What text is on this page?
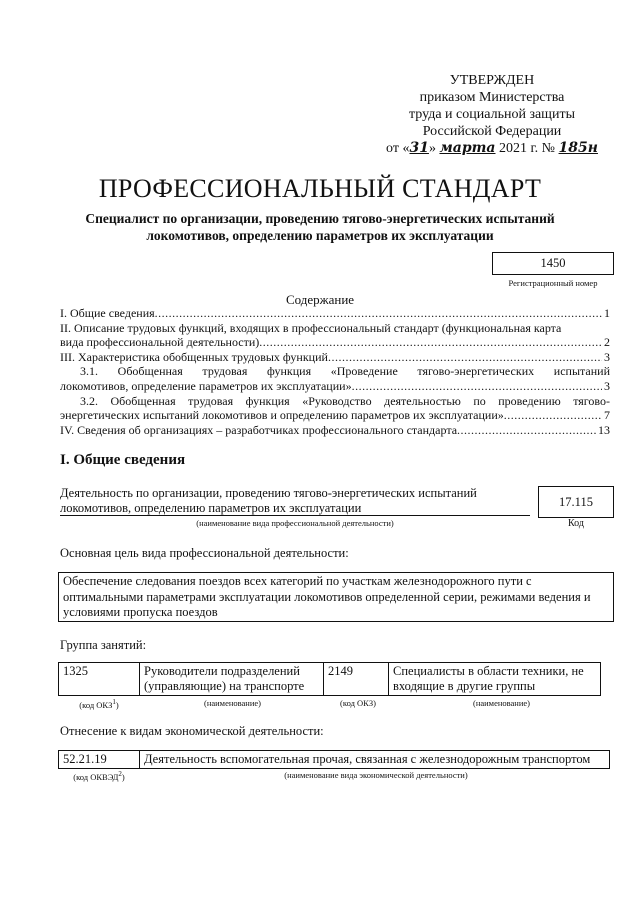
УТВЕРЖДЕН
приказом Министерства
труда и социальной защиты
Российской Федерации
от «31» марта 2021 г. № 185н
ПРОФЕССИОНАЛЬНЫЙ СТАНДАРТ
Специалист по организации, проведению тягово-энергетических испытаний
локомотивов, определению параметров их эксплуатации
1450
Регистрационный номер
Содержание
I. Общие сведения .....	1
II. Описание трудовых функций, входящих в профессиональный стандарт (функциональная карта
вида профессиональной деятельности) .....	2
III. Характеристика обобщенных трудовых функций .....	3
3.1. Обобщенная трудовая функция «Проведение тягово-энергетических испытаний
локомотивов, определение параметров их эксплуатации» .....	3
3.2. Обобщенная трудовая функция «Руководство деятельностью по проведению тягово-
энергетических испытаний локомотивов и определению параметров их эксплуатации» .....	7
IV. Сведения об организациях – разработчиках профессионального стандарта .....	13
I. Общие сведения
Деятельность по организации, проведению тягово-энергетических испытаний
локомотивов, определению параметров их эксплуатации
(наименование вида профессиональной деятельности)
17.115
Код
Основная цель вида профессиональной деятельности:
Обеспечение следования поездов всех категорий по участкам железнодорожного пути с
оптимальными параметрами эксплуатации локомотивов определенной серии, режимами ведения и
условиями пропуска поездов
Группа занятий:
1325	Руководители подразделений
(управляющие) на транспорте	2149	Специалисты в области техники, не
входящие в другие группы
(код ОКЗ$^1$)	(наименование)	(код ОКЗ)	(наименование)
Отнесение к видам экономической деятельности:
52.21.19	Деятельность вспомогательная прочая, связанная с железнодорожным транспортом
(код ОКВЭД$^2$)	(наименование вида экономической деятельности)
